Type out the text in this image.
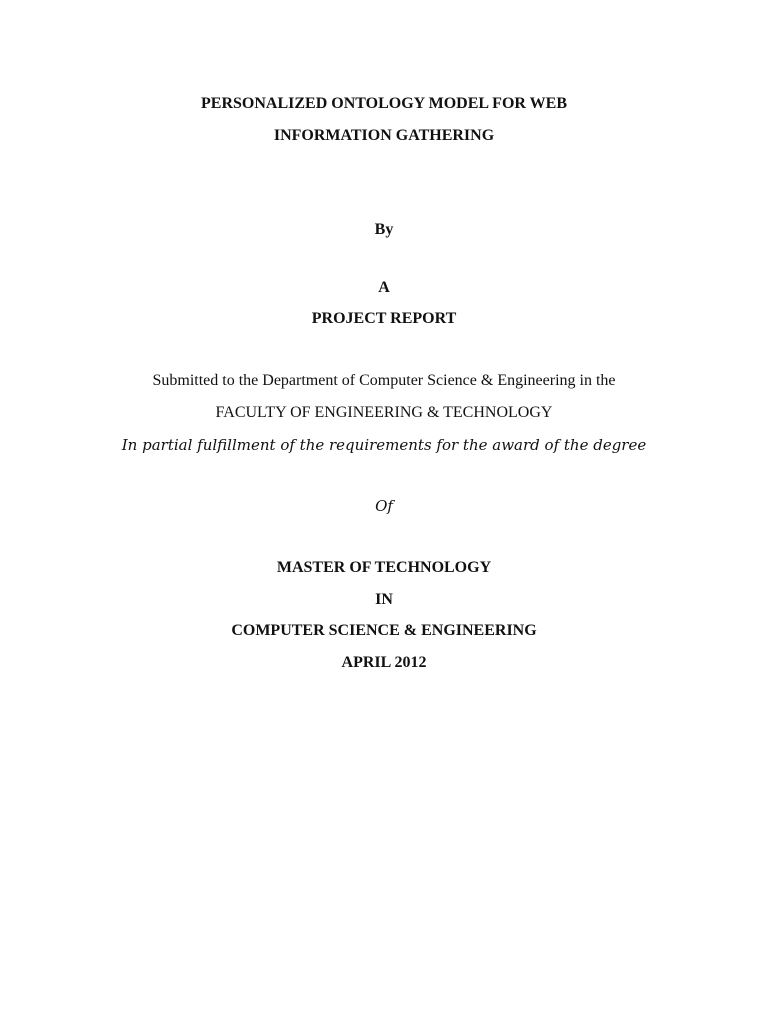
PERSONALIZED ONTOLOGY MODEL FOR WEB
INFORMATION GATHERING
By
A
PROJECT REPORT
Submitted to the Department of Computer Science & Engineering in the
FACULTY OF ENGINEERING & TECHNOLOGY
In partial fulfillment of the requirements for the award of the degree
Of
MASTER OF TECHNOLOGY
IN
COMPUTER SCIENCE & ENGINEERING
APRIL 2012
